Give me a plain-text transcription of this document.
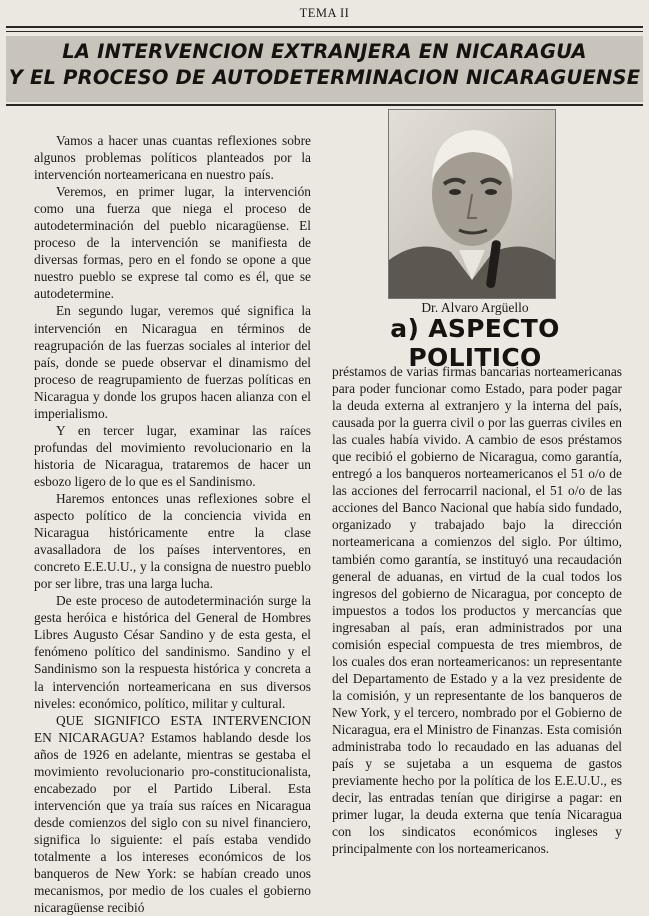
TEMA II
LA INTERVENCION EXTRANJERA EN NICARAGUA
Y EL PROCESO DE AUTODETERMINACION NICARAGUENSE

Vamos a hacer unas cuantas reflexiones sobre algunos problemas políticos planteados por la intervención norteamericana en nuestro país.

Veremos, en primer lugar, la intervención como una fuerza que niega el proceso de autodeterminación del pueblo nicaragüense. El proceso de la intervención se manifiesta de diversas formas, pero en el fondo se opone a que nuestro pueblo se exprese tal como es él, que se autodetermine.

En segundo lugar, veremos qué significa la intervención en Nicaragua en términos de reagrupación de las fuerzas sociales al interior del país, donde se puede observar el dinamismo del proceso de reagrupamiento de fuerzas políticas en Nicaragua y donde los grupos hacen alianza con el imperialismo.

Y en tercer lugar, examinar las raíces profundas del movimiento revolucionario en la historia de Nicaragua, trataremos de hacer un esbozo ligero de lo que es el Sandinismo.

Haremos entonces unas reflexiones sobre el aspecto político de la conciencia vivida en Nicaragua históricamente entre la clase avasalladora de los países interventores, en concreto E.E.U.U., y la consigna de nuestro pueblo por ser libre, tras una larga lucha.

De este proceso de autodeterminación surge la gesta heróica e histórica del General de Hombres Libres Augusto César Sandino y de esta gesta, el fenómeno político del sandinismo. Sandino y el Sandinismo son la respuesta histórica y concreta a la intervención norteamericana en sus diversos niveles: económico, político, militar y cultural.

QUE SIGNIFICO ESTA INTERVENCION EN NICARAGUA? Estamos hablando desde los años de 1926 en adelante, mientras se gestaba el movimiento revolucionario pro-constitucionalista, encabezado por el Partido Liberal. Esta intervención que ya traía sus raíces en Nicaragua desde comienzos del siglo con su nivel financiero, significa lo siguiente: el país estaba vendido totalmente a los intereses económicos de los banqueros de New York: se habían creado unos mecanismos, por medio de los cuales el gobierno nicaragüense recibió

Dr. Alvaro Argüello
a) ASPECTO POLITICO

préstamos de varias firmas bancarias norteamericanas para poder funcionar como Estado, para poder pagar la deuda externa al extranjero y la interna del país, causada por la guerra civil o por las guerras civiles en las cuales había vivido. A cambio de esos préstamos que recibió el gobierno de Nicaragua, como garantía, entregó a los banqueros norteamericanos el 51 o/o de las acciones del ferrocarril nacional, el 51 o/o de las acciones del Banco Nacional que había sido fundado, organizado y trabajado bajo la dirección norteamericana a comienzos del siglo. Por último, también como garantía, se instituyó una recaudación general de aduanas, en virtud de la cual todos los ingresos del gobierno de Nicaragua, por concepto de impuestos a todos los productos y mercancías que ingresaban al país, eran administrados por una comisión especial compuesta de tres miembros, de los cuales dos eran norteamericanos: un representante del Departamento de Estado y a la vez presidente de la comisión, y un representante de los banqueros de New York, y el tercero, nombrado por el Gobierno de Nicaragua, era el Ministro de Finanzas. Esta comisión administraba todo lo recaudado en las aduanas del país y se sujetaba a un esquema de gastos previamente hecho por la política de los E.E.U.U., es decir, las entradas tenían que dirigirse a pagar: en primer lugar, la deuda externa que tenía Nicaragua con los sindicatos económicos ingleses y principalmente con los norteamericanos.
